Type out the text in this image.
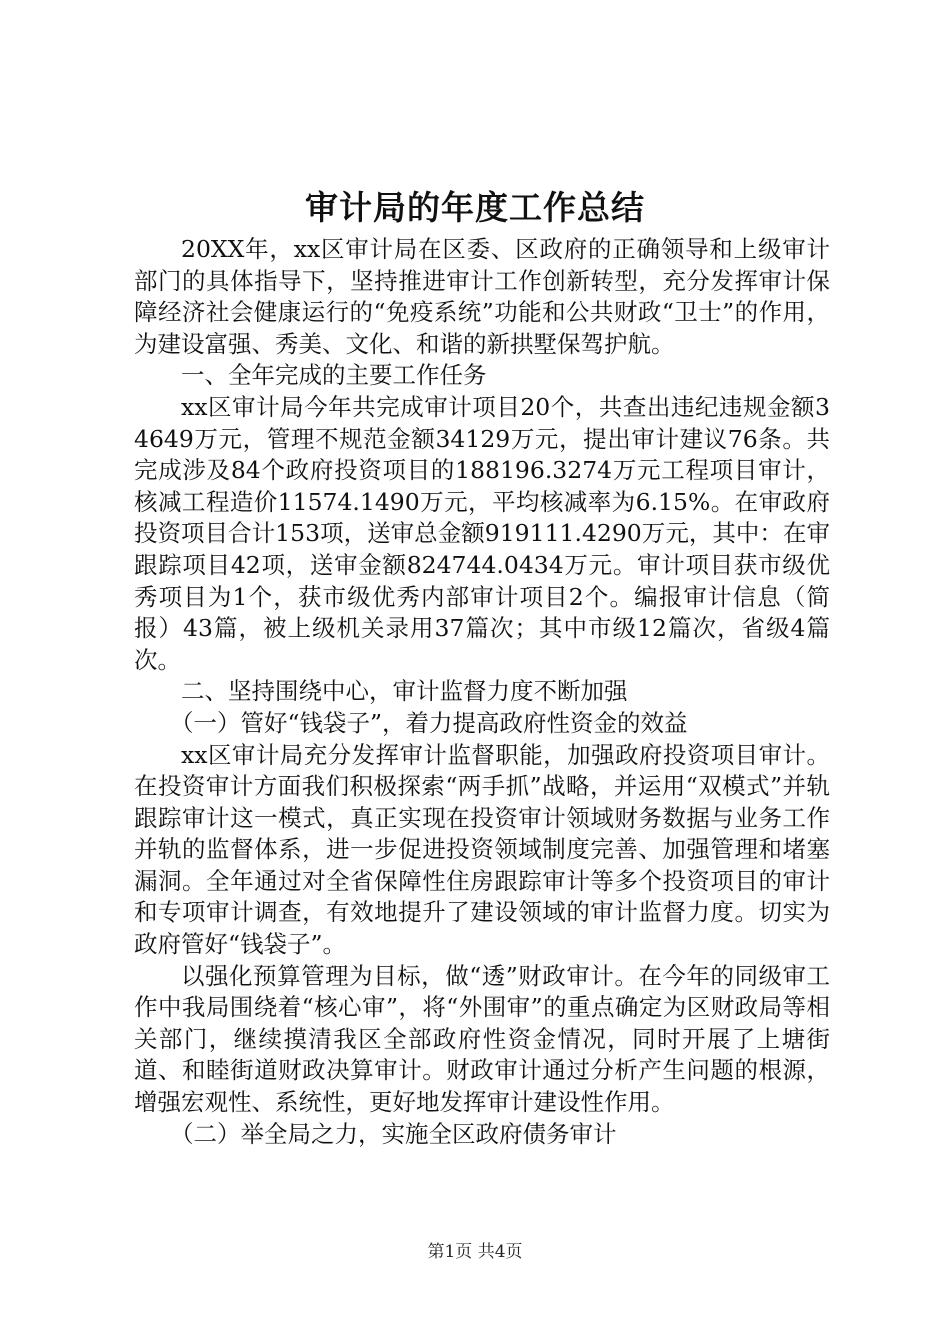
审计局的年度工作总结

20XX年，xx区审计局在区委、区政府的正确领导和上级审计部门的具体指导下，坚持推进审计工作创新转型，充分发挥审计保障经济社会健康运行的“免疫系统”功能和公共财政“卫士”的作用，为建设富强、秀美、文化、和谐的新拱墅保驾护航。

一、全年完成的主要工作任务

xx区审计局今年共完成审计项目20个，共查出违纪违规金额34649万元，管理不规范金额34129万元，提出审计建议76条。共完成涉及84个政府投资项目的188196.3274万元工程项目审计，核减工程造价11574.1490万元，平均核减率为6.15%。在审政府投资项目合计153项，送审总金额919111.4290万元，其中：在审跟踪项目42项，送审金额824744.0434万元。审计项目获市级优秀项目为1个，获市级优秀内部审计项目2个。编报审计信息（简报）43篇，被上级机关录用37篇次；其中市级12篇次，省级4篇次。

二、坚持围绕中心，审计监督力度不断加强

（一）管好“钱袋子”，着力提高政府性资金的效益

xx区审计局充分发挥审计监督职能，加强政府投资项目审计。在投资审计方面我们积极探索“两手抓”战略，并运用“双模式”并轨跟踪审计这一模式，真正实现在投资审计领域财务数据与业务工作并轨的监督体系，进一步促进投资领域制度完善、加强管理和堵塞漏洞。全年通过对全省保障性住房跟踪审计等多个投资项目的审计和专项审计调查，有效地提升了建设领域的审计监督力度。切实为政府管好“钱袋子”。

以强化预算管理为目标，做“透”财政审计。在今年的同级审工作中我局围绕着“核心审”，将“外围审”的重点确定为区财政局等相关部门，继续摸清我区全部政府性资金情况，同时开展了上塘街道、和睦街道财政决算审计。财政审计通过分析产生问题的根源，增强宏观性、系统性，更好地发挥审计建设性作用。

（二）举全局之力，实施全区政府债务审计

第1页 共4页
